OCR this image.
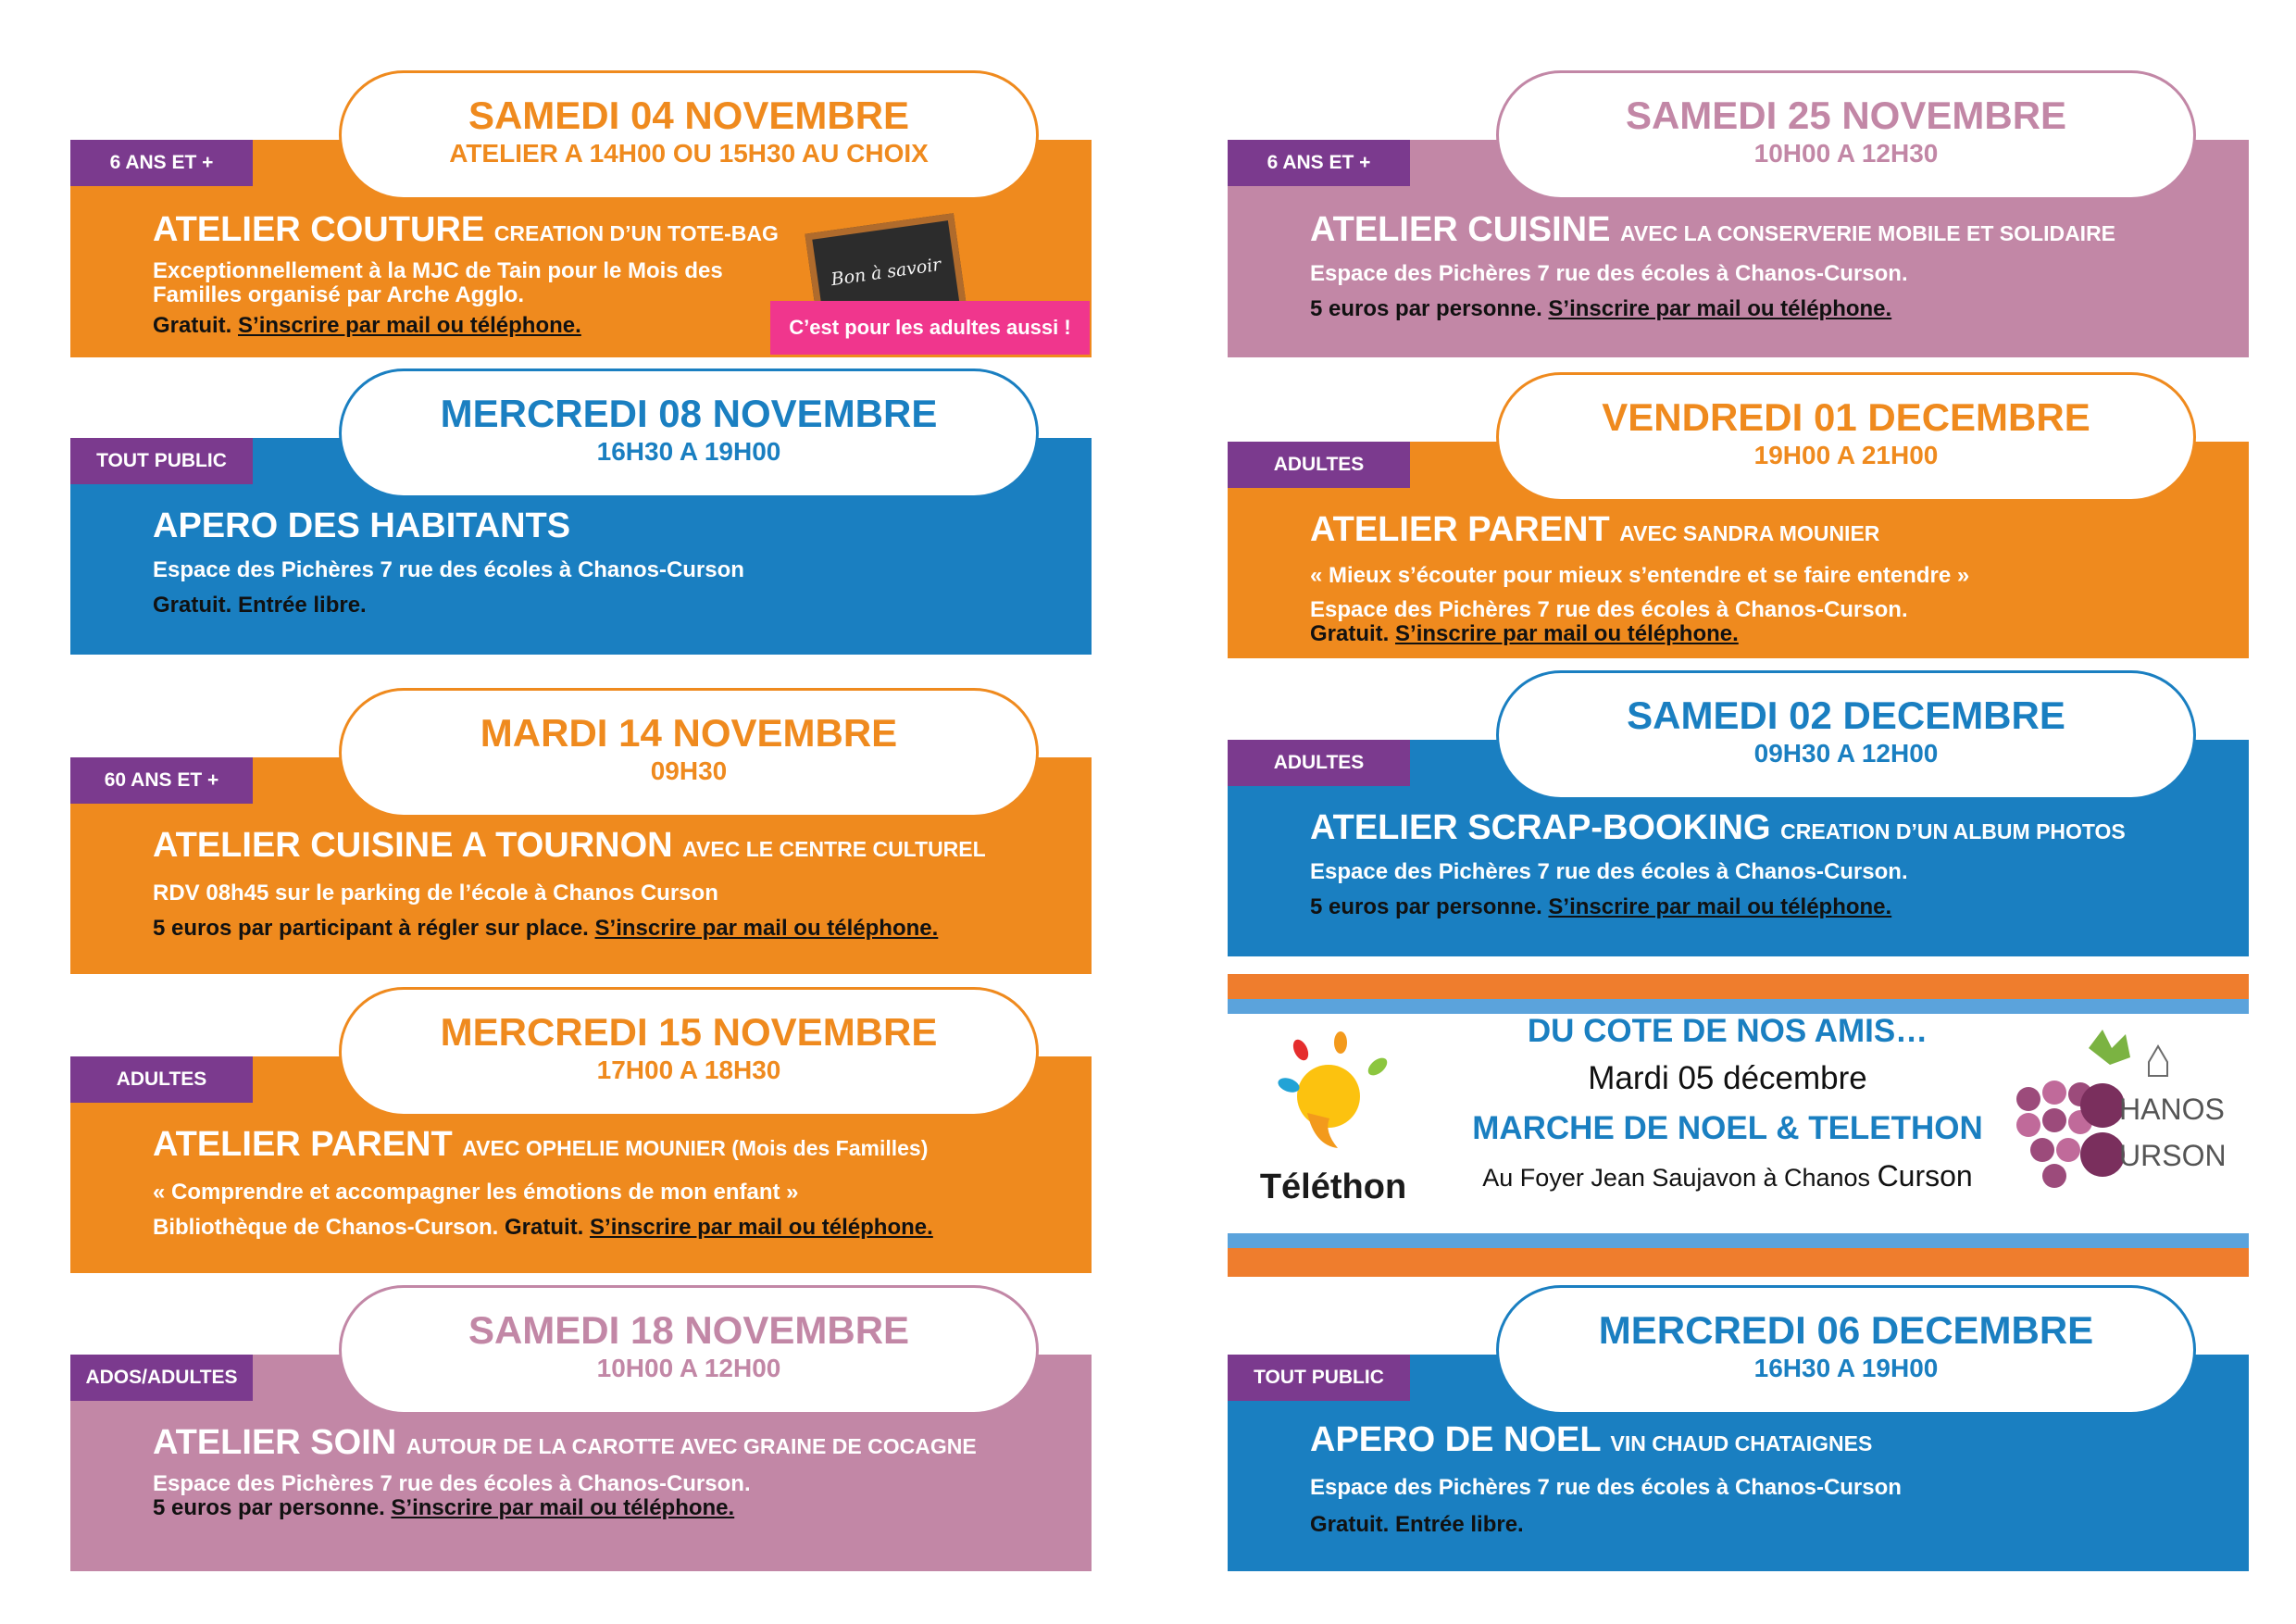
SAMEDI 04 NOVEMBRE
ATELIER A 14H00 OU 15H30 AU CHOIX
6 ANS ET +
ATELIER COUTURE CREATION D’UN TOTE-BAG
Exceptionnellement à la MJC de Tain pour le Mois des
Familles organisé par Arche Agglo.
Gratuit. S’inscrire par mail ou téléphone.
Bon à savoir
C’est pour les adultes aussi !
MERCREDI 08 NOVEMBRE
16H30 A 19H00
TOUT PUBLIC
APERO DES HABITANTS
Espace des Pichères 7 rue des écoles à Chanos-Curson
Gratuit. Entrée libre.
MARDI 14 NOVEMBRE
09H30
60 ANS ET +
ATELIER CUISINE A TOURNON AVEC LE CENTRE CULTUREL
RDV 08h45 sur le parking de l’école à Chanos Curson
5 euros par participant à régler sur place. S’inscrire par mail ou téléphone.
MERCREDI 15 NOVEMBRE
17H00 A 18H30
ADULTES
ATELIER PARENT AVEC OPHELIE MOUNIER (Mois des Familles)
« Comprendre et accompagner les émotions de mon enfant »
Bibliothèque de Chanos-Curson. Gratuit. S’inscrire par mail ou téléphone.
SAMEDI 18 NOVEMBRE
10H00 A 12H00
ADOS/ADULTES
ATELIER SOIN AUTOUR DE LA CAROTTE AVEC GRAINE DE COCAGNE
Espace des Pichères 7 rue des écoles à Chanos-Curson.
5 euros par personne. S’inscrire par mail ou téléphone.
SAMEDI 25 NOVEMBRE
10H00 A 12H30
6 ANS ET +
ATELIER CUISINE AVEC LA CONSERVERIE MOBILE ET SOLIDAIRE
Espace des Pichères 7 rue des écoles à Chanos-Curson.
5 euros par personne. S’inscrire par mail ou téléphone.
VENDREDI 01 DECEMBRE
19H00 A 21H00
ADULTES
ATELIER PARENT AVEC SANDRA MOUNIER
« Mieux s’écouter pour mieux s’entendre et se faire entendre »
Espace des Pichères 7 rue des écoles à Chanos-Curson.
Gratuit. S’inscrire par mail ou téléphone.
SAMEDI 02 DECEMBRE
09H30 A 12H00
ADULTES
ATELIER SCRAP-BOOKING CREATION D’UN ALBUM PHOTOS
Espace des Pichères 7 rue des écoles à Chanos-Curson.
5 euros par personne. S’inscrire par mail ou téléphone.
Téléthon
DU COTE DE NOS AMIS…
Mardi 05 décembre
MARCHE DE NOEL & TELETHON
Au Foyer Jean Saujavon à Chanos Curson
HANOS
URSON
MERCREDI 06 DECEMBRE
16H30 A 19H00
TOUT PUBLIC
APERO DE NOEL VIN CHAUD CHATAIGNES
Espace des Pichères 7 rue des écoles à Chanos-Curson
Gratuit. Entrée libre.
